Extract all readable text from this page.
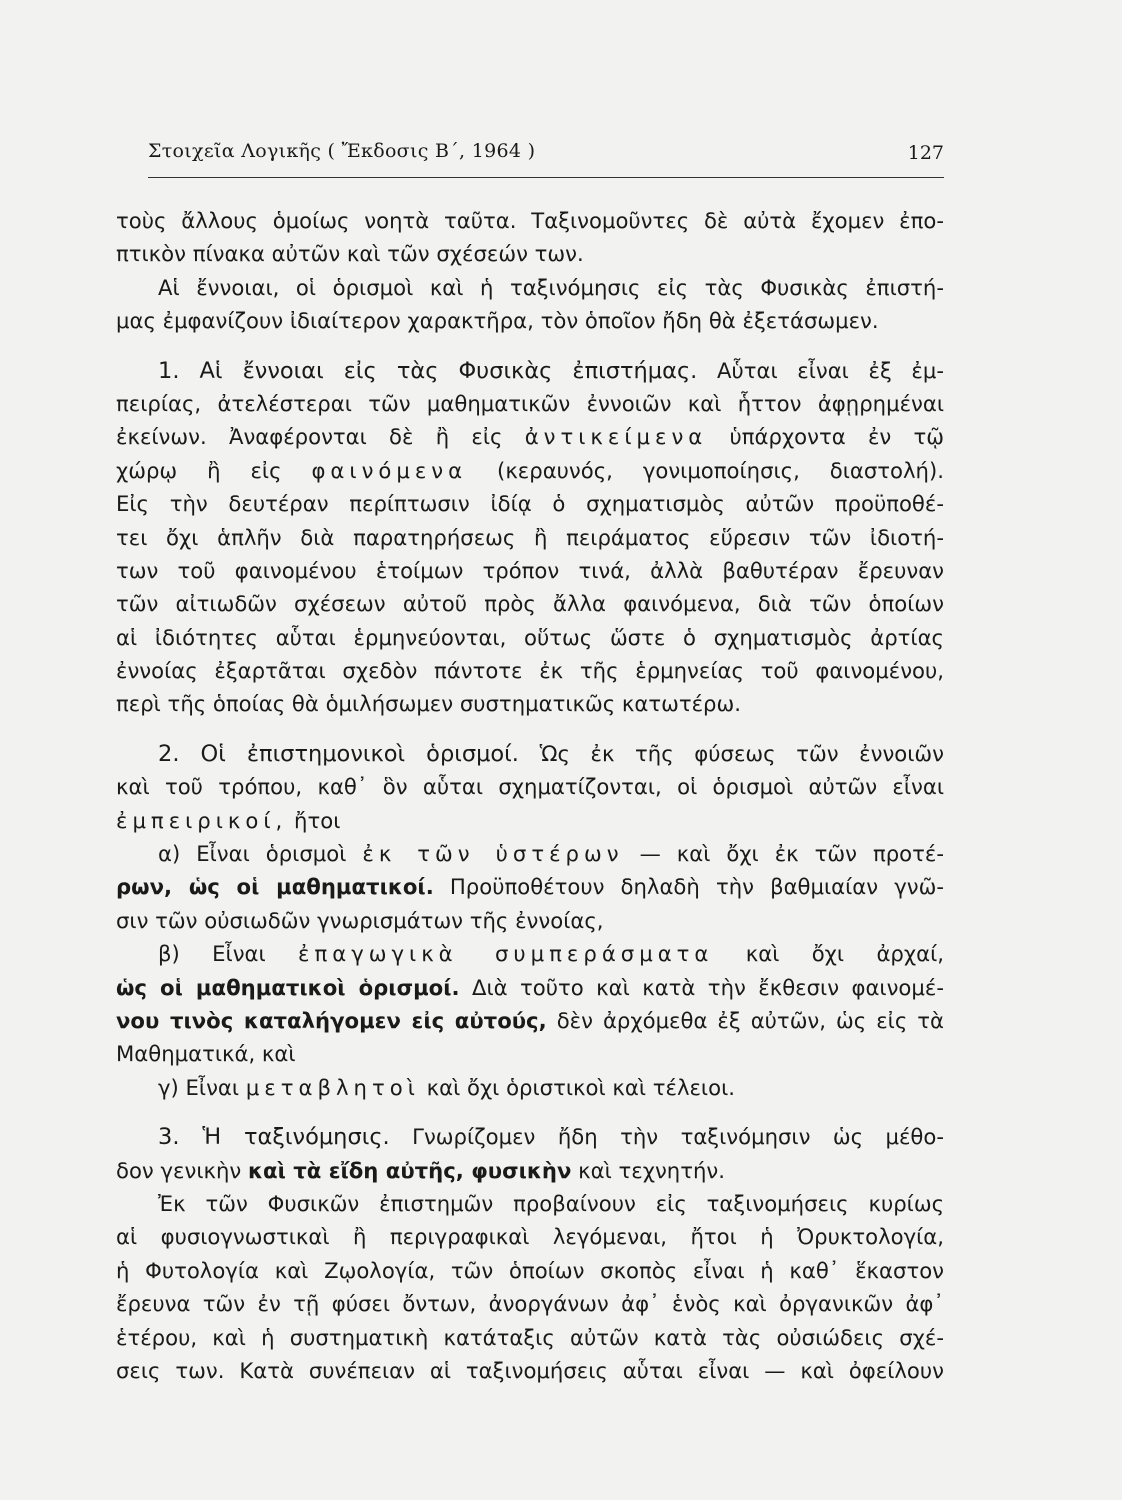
Στοιχεῖα Λογικῆς ( Ἔκδοσις Β΄, 1964 )	127
τοὺς ἄλλους ὁμοίως νοητὰ ταῦτα. Ταξινομοῦντες δὲ αὐτὰ ἔχομεν ἐπο-
πτικὸν πίνακα αὐτῶν καὶ τῶν σχέσεών των.
Αἱ ἔννοιαι, οἱ ὁρισμοὶ καὶ ἡ ταξινόμησις εἰς τὰς Φυσικὰς ἐπιστή-
μας ἐμφανίζουν ἰδιαίτερον χαρακτῆρα, τὸν ὁποῖον ἤδη θὰ ἐξετάσωμεν.
1. Αἱ ἔννοιαι εἰς τὰς Φυσικὰς ἐπιστήμας. Αὗται εἶναι ἐξ ἐμ-
πειρίας, ἀτελέστεραι τῶν μαθηματικῶν ἐννοιῶν καὶ ἧττον ἀφῃρημέναι
ἐκείνων. Ἀναφέρονται δὲ ἢ εἰς ἀντικείμενα ὑπάρχοντα ἐν τῷ
χώρῳ ἢ εἰς φαινόμενα (κεραυνός, γονιμοποίησις, διαστολή).
Εἰς τὴν δευτέραν περίπτωσιν ἰδίᾳ ὁ σχηματισμὸς αὐτῶν προϋποθέ-
τει ὄχι ἁπλῆν διὰ παρατηρήσεως ἢ πειράματος εὕρεσιν τῶν ἰδιοτή-
των τοῦ φαινομένου ἑτοίμων τρόπον τινά, ἀλλὰ βαθυτέραν ἔρευναν
τῶν αἰτιωδῶν σχέσεων αὐτοῦ πρὸς ἄλλα φαινόμενα, διὰ τῶν ὁποίων
αἱ ἰδιότητες αὗται ἑρμηνεύονται, οὕτως ὥστε ὁ σχηματισμὸς ἀρτίας
ἐννοίας ἐξαρτᾶται σχεδὸν πάντοτε ἐκ τῆς ἑρμηνείας τοῦ φαινομένου,
περὶ τῆς ὁποίας θὰ ὁμιλήσωμεν συστηματικῶς κατωτέρω.
2. Οἱ ἐπιστημονικοὶ ὁρισμοί. Ὡς ἐκ τῆς φύσεως τῶν ἐννοιῶν
καὶ τοῦ τρόπου, καθ᾿ ὃν αὗται σχηματίζονται, οἱ ὁρισμοὶ αὐτῶν εἶναι
ἐμπειρικοί, ἤτοι
α) Εἶναι ὁρισμοὶ ἐκ τῶν ὑστέρων — καὶ ὄχι ἐκ τῶν προτέ-
ρων, ὡς οἱ μαθηματικοί. Προϋποθέτουν δηλαδὴ τὴν βαθμιαίαν γνῶ-
σιν τῶν οὐσιωδῶν γνωρισμάτων τῆς ἐννοίας,
β) Εἶναι ἐπαγωγικὰ συμπεράσματα καὶ ὄχι ἀρχαί,
ὡς οἱ μαθηματικοὶ ὁρισμοί. Διὰ τοῦτο καὶ κατὰ τὴν ἔκθεσιν φαινομέ-
νου τινὸς καταλήγομεν εἰς αὐτούς, δὲν ἀρχόμεθα ἐξ αὐτῶν, ὡς εἰς τὰ
Μαθηματικά, καὶ
γ) Εἶναι μεταβλητοὶ καὶ ὄχι ὁριστικοὶ καὶ τέλειοι.
3. Ἡ ταξινόμησις. Γνωρίζομεν ἤδη τὴν ταξινόμησιν ὡς μέθο-
δον γενικὴν καὶ τὰ εἴδη αὐτῆς, φυσικὴν καὶ τεχνητήν.
Ἐκ τῶν Φυσικῶν ἐπιστημῶν προβαίνουν εἰς ταξινομήσεις κυρίως
αἱ φυσιογνωστικαὶ ἢ περιγραφικαὶ λεγόμεναι, ἤτοι ἡ Ὀρυκτολογία,
ἡ Φυτολογία καὶ Ζῳολογία, τῶν ὁποίων σκοπὸς εἶναι ἡ καθ᾿ ἕκαστον
ἔρευνα τῶν ἐν τῇ φύσει ὄντων, ἀνοργάνων ἀφ᾿ ἑνὸς καὶ ὀργανικῶν ἀφ᾿
ἑτέρου, καὶ ἡ συστηματικὴ κατάταξις αὐτῶν κατὰ τὰς οὐσιώδεις σχέ-
σεις των. Κατὰ συνέπειαν αἱ ταξινομήσεις αὗται εἶναι — καὶ ὀφείλουν
